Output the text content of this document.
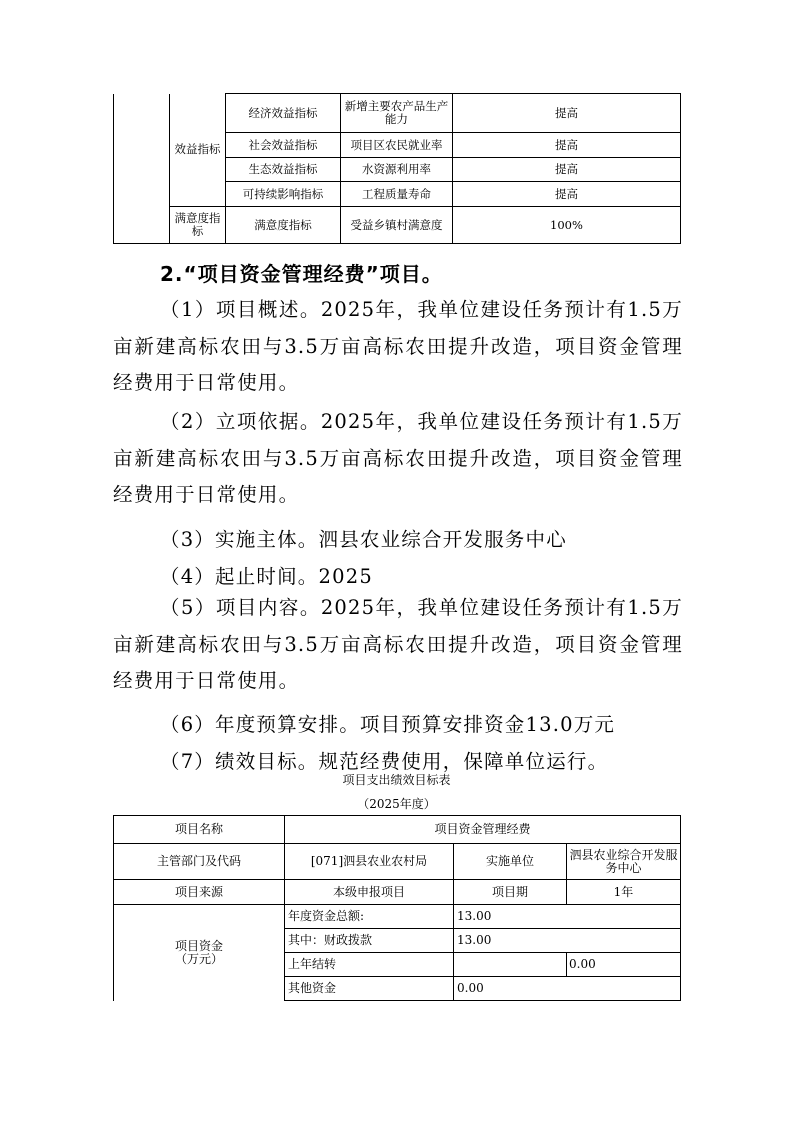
	效益指标	经济效益指标	新增主要农产品生产能力	提高
		社会效益指标	项目区农民就业率	提高
		生态效益指标	水资源利用率	提高
		可持续影响指标	工程质量寿命	提高
	满意度指标	满意度指标	受益乡镇村满意度	100%
2.“项目资金管理经费”项目。

（1）项目概述。2025年，我单位建设任务预计有1.5万亩新建高标农田与3.5万亩高标农田提升改造，项目资金管理经费用于日常使用。

（2）立项依据。2025年，我单位建设任务预计有1.5万亩新建高标农田与3.5万亩高标农田提升改造，项目资金管理经费用于日常使用。

（3）实施主体。泗县农业综合开发服务中心
（4）起止时间。2025

（5）项目内容。2025年，我单位建设任务预计有1.5万亩新建高标农田与3.5万亩高标农田提升改造，项目资金管理经费用于日常使用。

（6）年度预算安排。项目预算安排资金13.0万元
（7）绩效目标。规范经费使用，保障单位运行。
项目支出绩效目标表
（2025年度）
项目名称	项目资金管理经费		
主管部门及代码	[071]泗县农业农村局	实施单位	泗县农业综合开发服务中心
项目来源	本级申报项目	项目期	1年
项目资金
（万元）	年度资金总额:	13.00	
	其中：财政拨款	13.00	
	上年结转		0.00
	其他资金	0.00	
